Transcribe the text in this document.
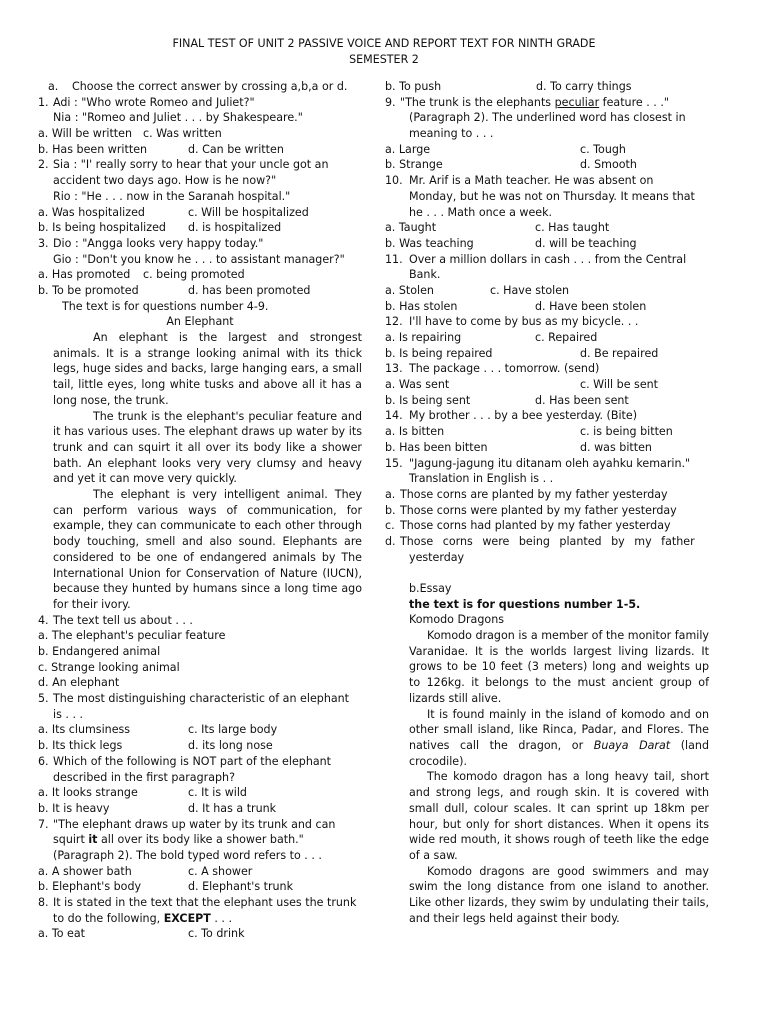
FINAL TEST OF UNIT 2 PASSIVE VOICE AND REPORT TEXT FOR NINTH GRADE
SEMESTER 2
a. Choose the correct answer by crossing a,b,a or d.
1. Adi : "Who wrote Romeo and Juliet?"
Nia : "Romeo and Juliet . . . by Shakespeare."
a. Will be written c. Was written
b. Has been written	d. Can be written
2. Sia : "I' really sorry to hear that your uncle got an
accident two days ago. How is he now?"
Rio : "He . . . now in the Saranah hospital."
a. Was hospitalized	c. Will be hospitalized
b. Is being hospitalized d. is hospitalized
3. Dio : "Angga looks very happy today."
Gio : "Don't you know he . . . to assistant manager?"
a. Has promoted c. being promoted
b. To be promoted	d. has been promoted
The text is for questions number 4-9.
An Elephant
An elephant is the largest and strongest animals. It is a strange looking animal with its thick legs, huge sides and backs, large hanging ears, a small tail, little eyes, long white tusks and above all it has a long nose, the trunk.
The trunk is the elephant's peculiar feature and it has various uses. The elephant draws up water by its trunk and can squirt it all over its body like a shower bath. An elephant looks very very clumsy and heavy and yet it can move very quickly.
The elephant is very intelligent animal. They can perform various ways of communication, for example, they can communicate to each other through body touching, smell and also sound. Elephants are considered to be one of endangered animals by The International Union for Conservation of Nature (IUCN), because they hunted by humans since a long time ago for their ivory.
4. The text tell us about . . .
a. The elephant's peculiar feature
b. Endangered animal
c. Strange looking animal
d. An elephant
5. The most distinguishing characteristic of an elephant
is . . .
a. Its clumsiness	c. Its large body
b. Its thick legs	d. its long nose
6. Which of the following is NOT part of the elephant
described in the first paragraph?
a. It looks strange	c. It is wild
b. It is heavy	d. It has a trunk
7. "The elephant draws up water by its trunk and can
squirt it all over its body like a shower bath."
(Paragraph 2). The bold typed word refers to . . .
a. A shower bath	c. A shower
b. Elephant's body	d. Elephant's trunk
8. It is stated in the text that the elephant uses the trunk
to do the following, EXCEPT . . .
a. To eat	c. To drink
b. To push	d. To carry things
9. "The trunk is the elephants peculiar feature . . ."
(Paragraph 2). The underlined word has closest in
meaning to . . .
a. Large	c. Tough
b. Strange	d. Smooth
10. Mr. Arif is a Math teacher. He was absent on
Monday, but he was not on Thursday. It means that
he . . . Math once a week.
a. Taught	c. Has taught
b. Was teaching	d. will be teaching
11. Over a million dollars in cash . . . from the Central
Bank.
a. Stolen	c. Have stolen
b. Has stolen	d. Have been stolen
12. I'll have to come by bus as my bicycle. . .
a. Is repairing	c. Repaired
b. Is being repaired	d. Be repaired
13. The package . . . tomorrow. (send)
a. Was sent	c. Will be sent
b. Is being sent	d. Has been sent
14. My brother . . . by a bee yesterday. (Bite)
a. Is bitten	c. is being bitten
b. Has been bitten	d. was bitten
15. "Jagung-jagung itu ditanam oleh ayahku kemarin."
Translation in English is . .
a. Those corns are planted by my father yesterday
b. Those corns were planted by my father yesterday
c. Those corns had planted by my father yesterday
d. Those corns were being planted by my father
yesterday
b.Essay
the text is for questions number 1-5.
Komodo Dragons
Komodo dragon is a member of the monitor family Varanidae. It is the worlds largest living lizards. It grows to be 10 feet (3 meters) long and weights up to 126kg. it belongs to the must ancient group of lizards still alive.
It is found mainly in the island of komodo and on other small island, like Rinca, Padar, and Flores. The natives call the dragon, or Buaya Darat (land crocodile).
The komodo dragon has a long heavy tail, short and strong legs, and rough skin. It is covered with small dull, colour scales. It can sprint up 18km per hour, but only for short distances. When it opens its wide red mouth, it shows rough of teeth like the edge of a saw.
Komodo dragons are good swimmers and may swim the long distance from one island to another. Like other lizards, they swim by undulating their tails, and their legs held against their body.
